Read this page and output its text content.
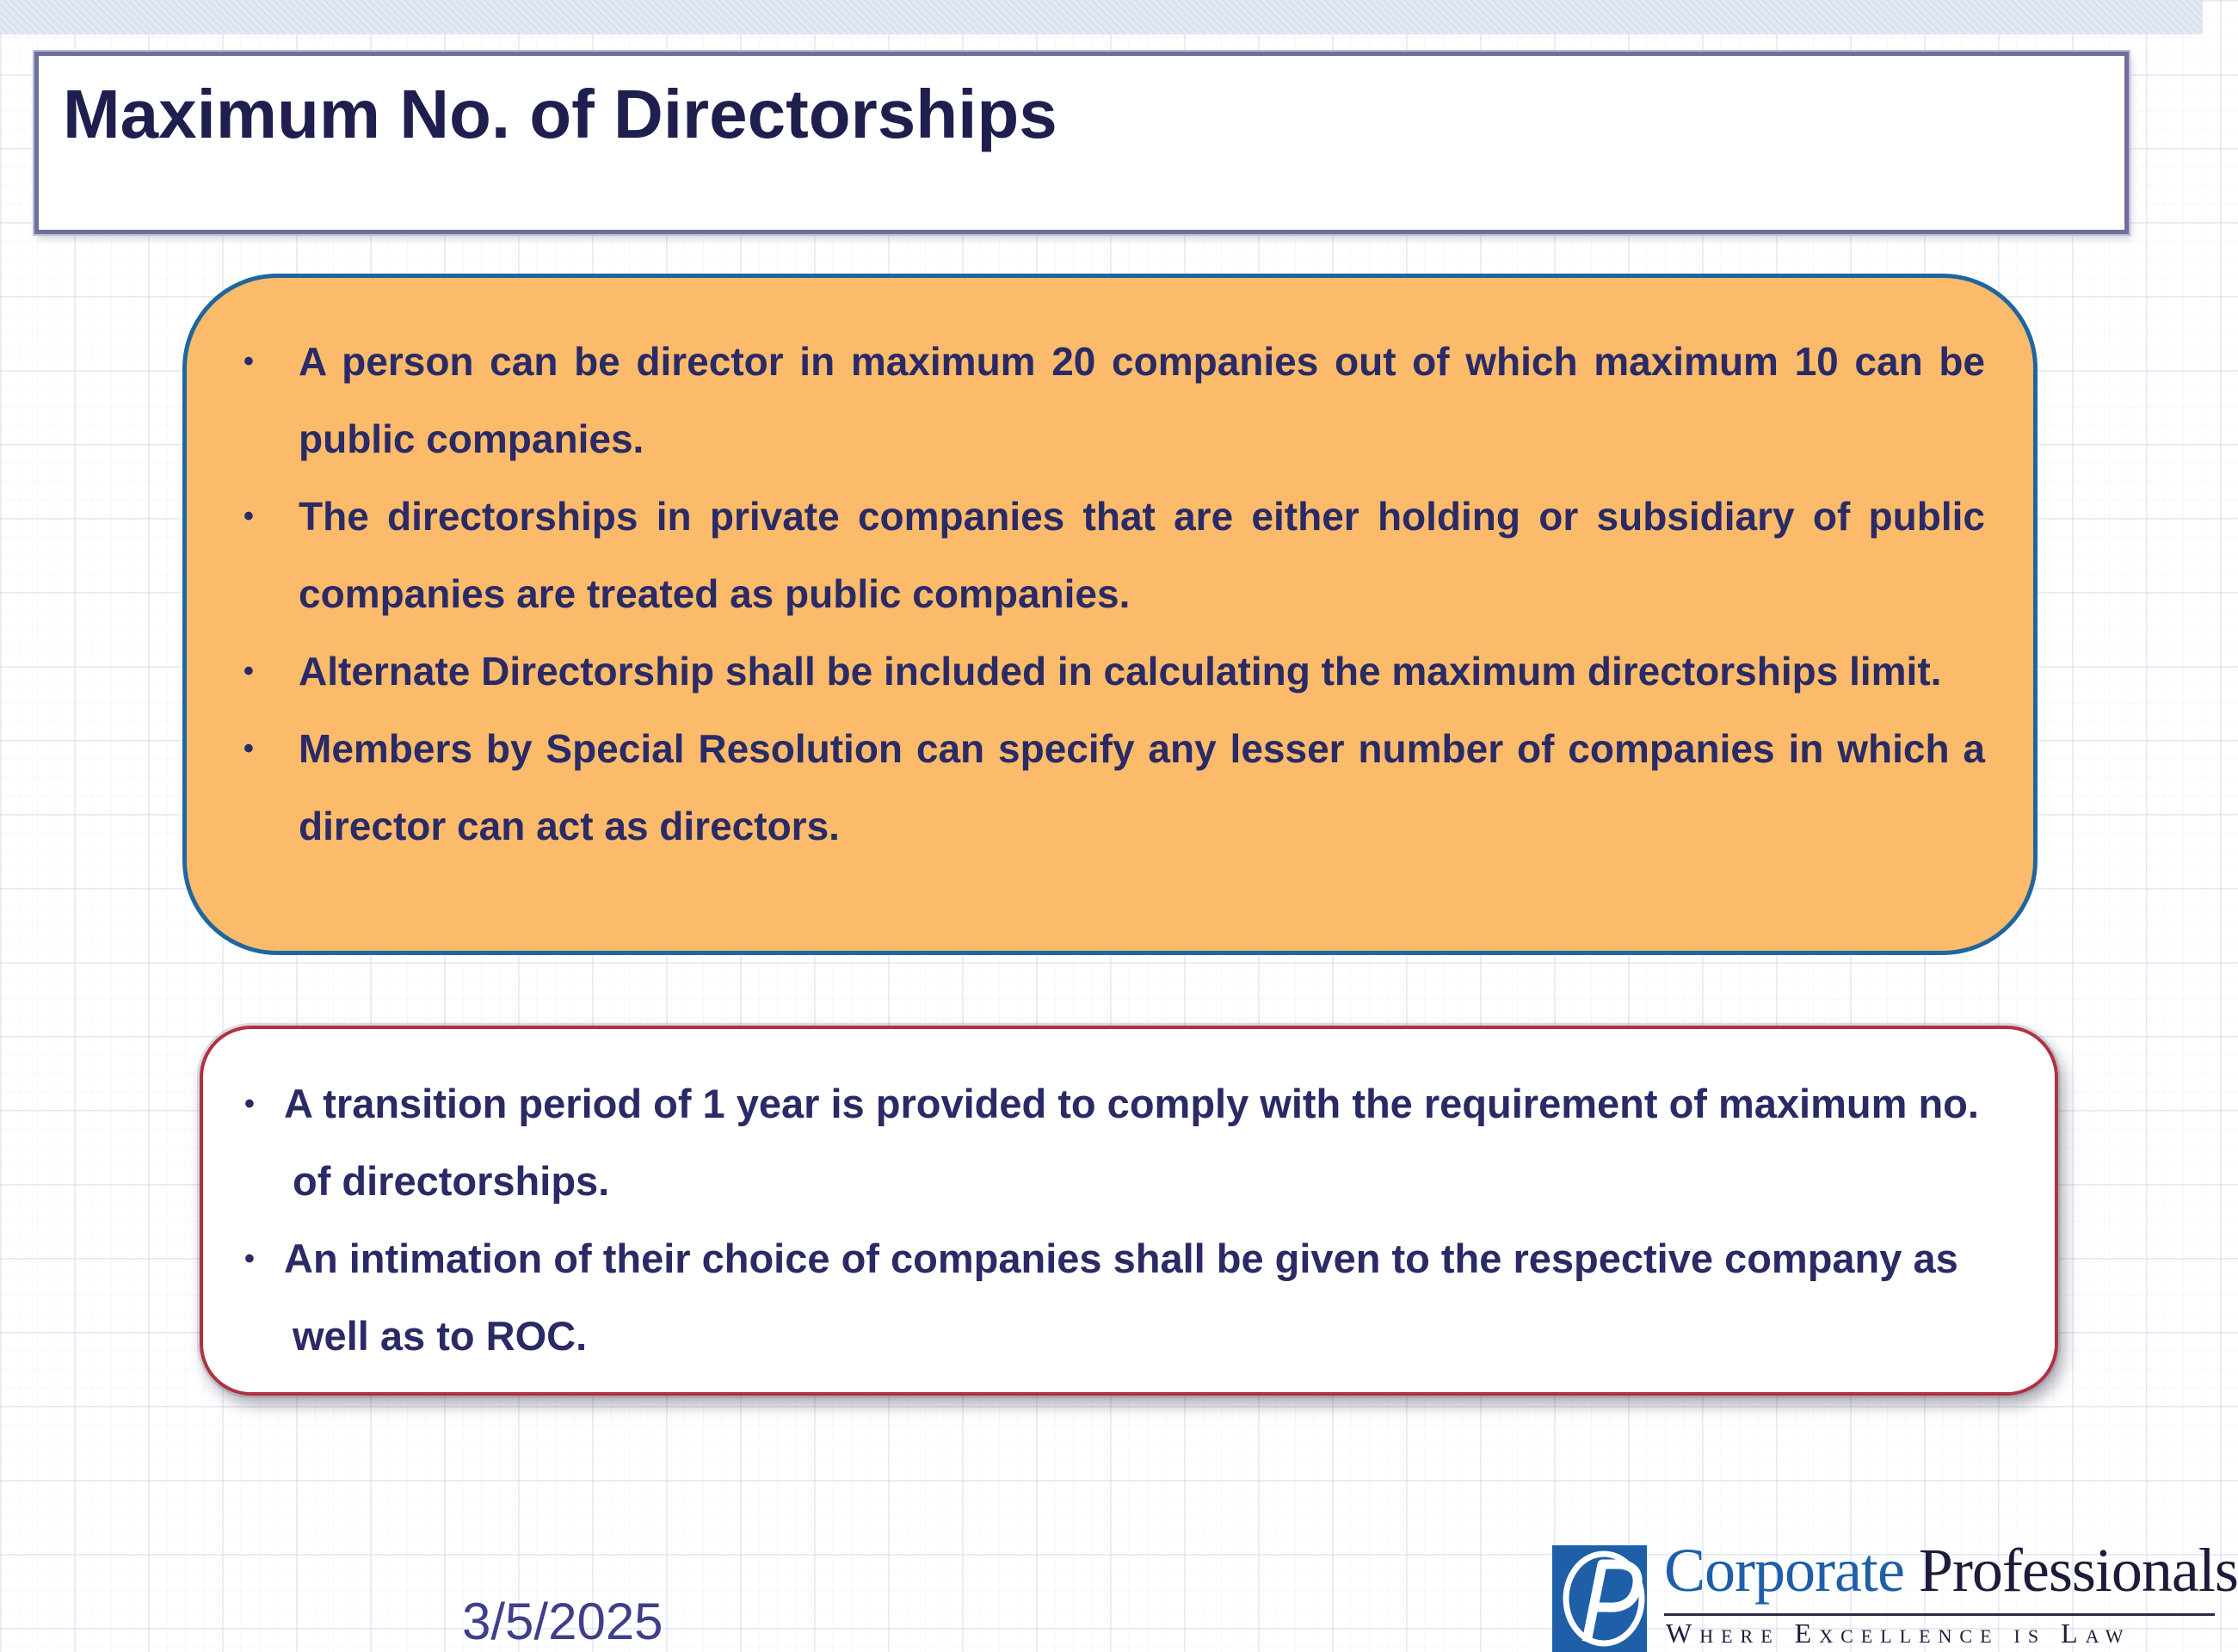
Maximum No. of Directorships
• A person can be director in maximum 20 companies out of which maximum 10 can be public companies.
• The directorships in private companies that are either holding or subsidiary of public companies are treated as public companies.
• Alternate Directorship shall be included in calculating the maximum directorships limit.
• Members by Special Resolution can specify any lesser number of companies in which a director can act as directors.
• A transition period of 1 year is provided to comply with the requirement of maximum no. of directorships.
• An intimation of their choice of companies shall be given to the respective company as well as to ROC.
3/5/2025
Corporate Professionals
Where Excellence is Law
